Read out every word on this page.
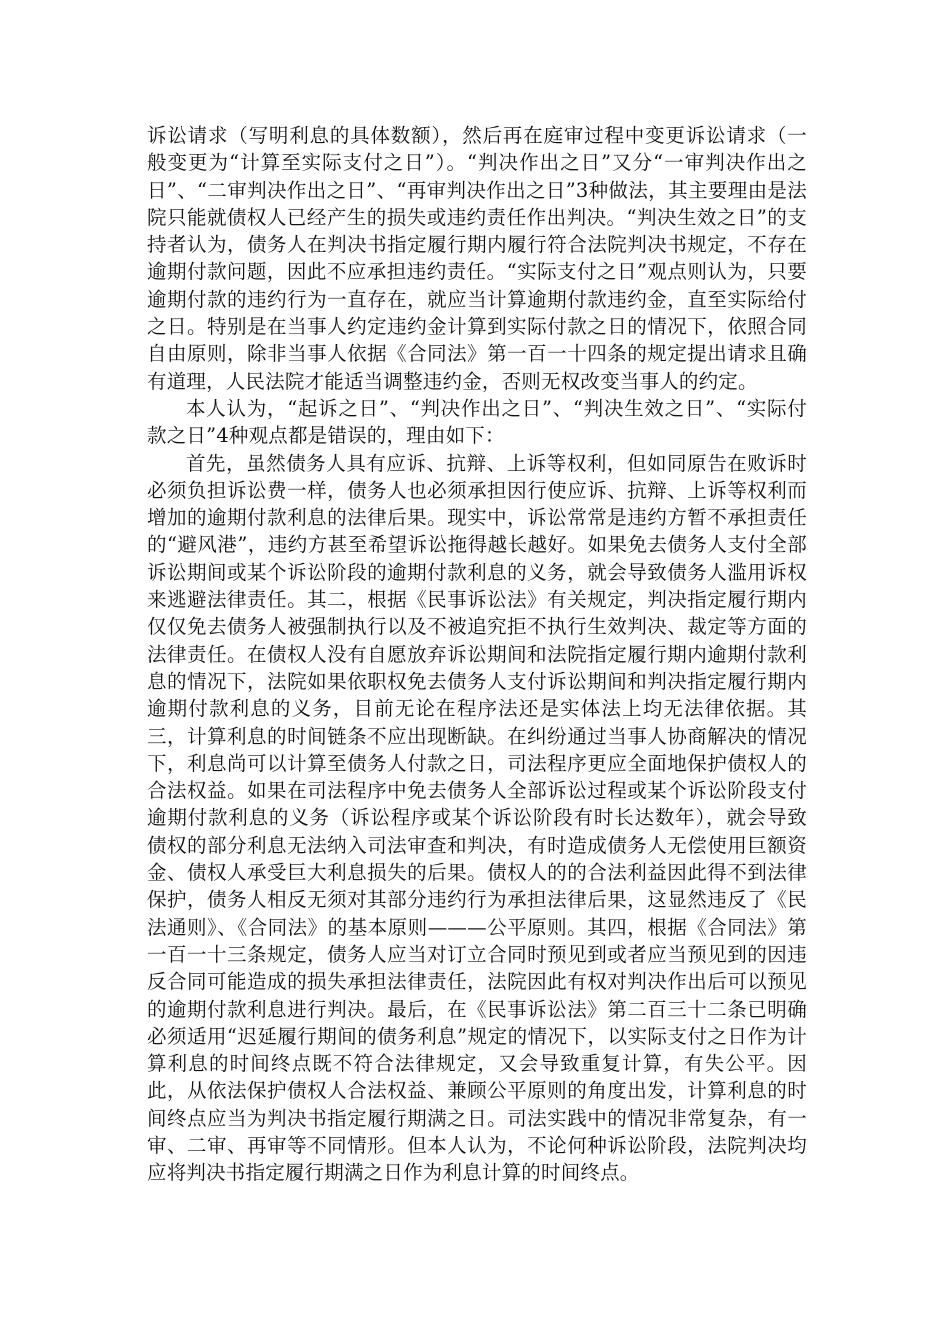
诉讼请求（写明利息的具体数额），然后再在庭审过程中变更诉讼请求（一般变更为“计算至实际支付之日”）。“判决作出之日”又分“一审判决作出之日”、“二审判决作出之日”、“再审判决作出之日”3种做法，其主要理由是法院只能就债权人已经产生的损失或违约责任作出判决。“判决生效之日”的支持者认为，债务人在判决书指定履行期内履行符合法院判决书规定，不存在逾期付款问题，因此不应承担违约责任。“实际支付之日”观点则认为，只要逾期付款的违约行为一直存在，就应当计算逾期付款违约金，直至实际给付之日。特别是在当事人约定违约金计算到实际付款之日的情况下，依照合同自由原则，除非当事人依据《合同法》第一百一十四条的规定提出请求且确有道理，人民法院才能适当调整违约金，否则无权改变当事人的约定。

本人认为，“起诉之日”、“判决作出之日”、“判决生效之日”、“实际付款之日”4种观点都是错误的，理由如下：

首先，虽然债务人具有应诉、抗辩、上诉等权利，但如同原告在败诉时必须负担诉讼费一样，债务人也必须承担因行使应诉、抗辩、上诉等权利而增加的逾期付款利息的法律后果。现实中，诉讼常常是违约方暂不承担责任的“避风港”，违约方甚至希望诉讼拖得越长越好。如果免去债务人支付全部诉讼期间或某个诉讼阶段的逾期付款利息的义务，就会导致债务人滥用诉权来逃避法律责任。其二，根据《民事诉讼法》有关规定，判决指定履行期内仅仅免去债务人被强制执行以及不被追究拒不执行生效判决、裁定等方面的法律责任。在债权人没有自愿放弃诉讼期间和法院指定履行期内逾期付款利息的情况下，法院如果依职权免去债务人支付诉讼期间和判决指定履行期内逾期付款利息的义务，目前无论在程序法还是实体法上均无法律依据。其三，计算利息的时间链条不应出现断缺。在纠纷通过当事人协商解决的情况下，利息尚可以计算至债务人付款之日，司法程序更应全面地保护债权人的合法权益。如果在司法程序中免去债务人全部诉讼过程或某个诉讼阶段支付逾期付款利息的义务（诉讼程序或某个诉讼阶段有时长达数年），就会导致债权的部分利息无法纳入司法审查和判决，有时造成债务人无偿使用巨额资金、债权人承受巨大利息损失的后果。债权人的的合法利益因此得不到法律保护，债务人相反无须对其部分违约行为承担法律后果，这显然违反了《民法通则》、《合同法》的基本原则———公平原则。其四，根据《合同法》第一百一十三条规定，债务人应当对订立合同时预见到或者应当预见到的因违反合同可能造成的损失承担法律责任，法院因此有权对判决作出后可以预见的逾期付款利息进行判决。最后，在《民事诉讼法》第二百三十二条已明确必须适用“迟延履行期间的债务利息”规定的情况下，以实际支付之日作为计算利息的时间终点既不符合法律规定，又会导致重复计算，有失公平。因此，从依法保护债权人合法权益、兼顾公平原则的角度出发，计算利息的时间终点应当为判决书指定履行期满之日。司法实践中的情况非常复杂，有一审、二审、再审等不同情形。但本人认为，不论何种诉讼阶段，法院判决均应将判决书指定履行期满之日作为利息计算的时间终点。
